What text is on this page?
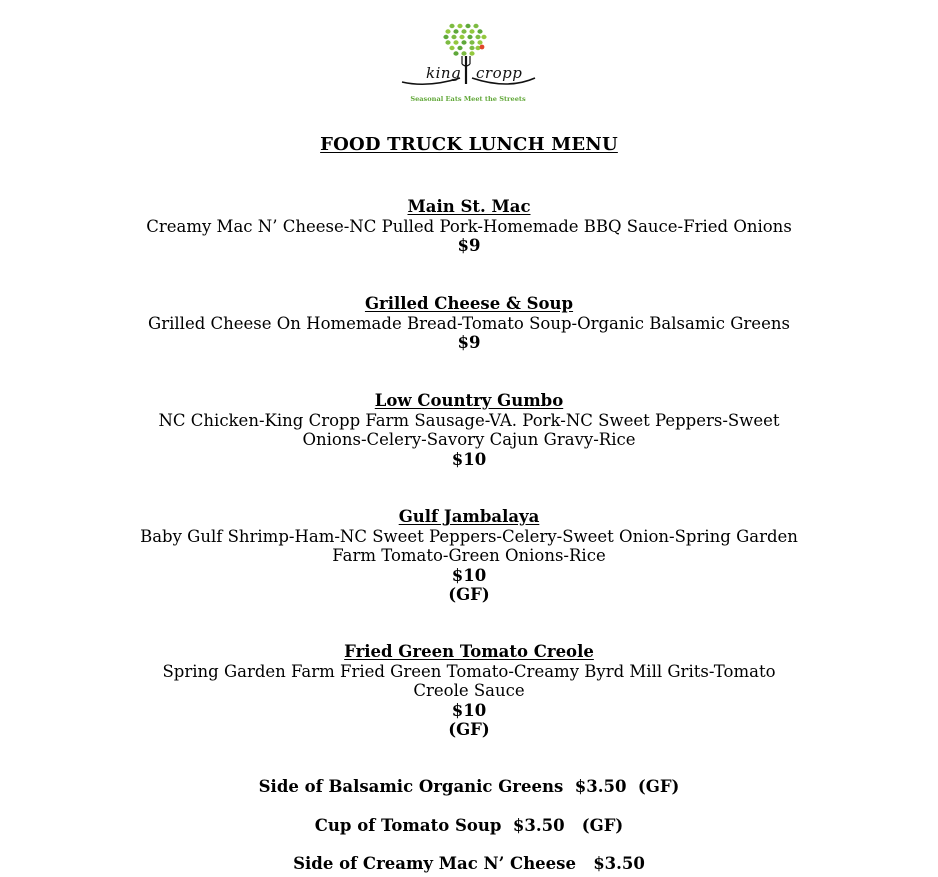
king cropp
Seasonal Eats Meet the Streets
FOOD TRUCK LUNCH MENU
Main St. Mac
Creamy Mac N’ Cheese-NC Pulled Pork-Homemade BBQ Sauce-Fried Onions
$9
Grilled Cheese & Soup
Grilled Cheese On Homemade Bread-Tomato Soup-Organic Balsamic Greens
$9
Low Country Gumbo
NC Chicken-King Cropp Farm Sausage-VA. Pork-NC Sweet Peppers-Sweet
Onions-Celery-Savory Cajun Gravy-Rice
$10
Gulf Jambalaya
Baby Gulf Shrimp-Ham-NC Sweet Peppers-Celery-Sweet Onion-Spring Garden
Farm Tomato-Green Onions-Rice
$10
(GF)
Fried Green Tomato Creole
Spring Garden Farm Fried Green Tomato-Creamy Byrd Mill Grits-Tomato
Creole Sauce
$10
(GF)
Side of Balsamic Organic Greens  $3.50  (GF)
Cup of Tomato Soup  $3.50   (GF)
Side of Creamy Mac N’ Cheese   $3.50
